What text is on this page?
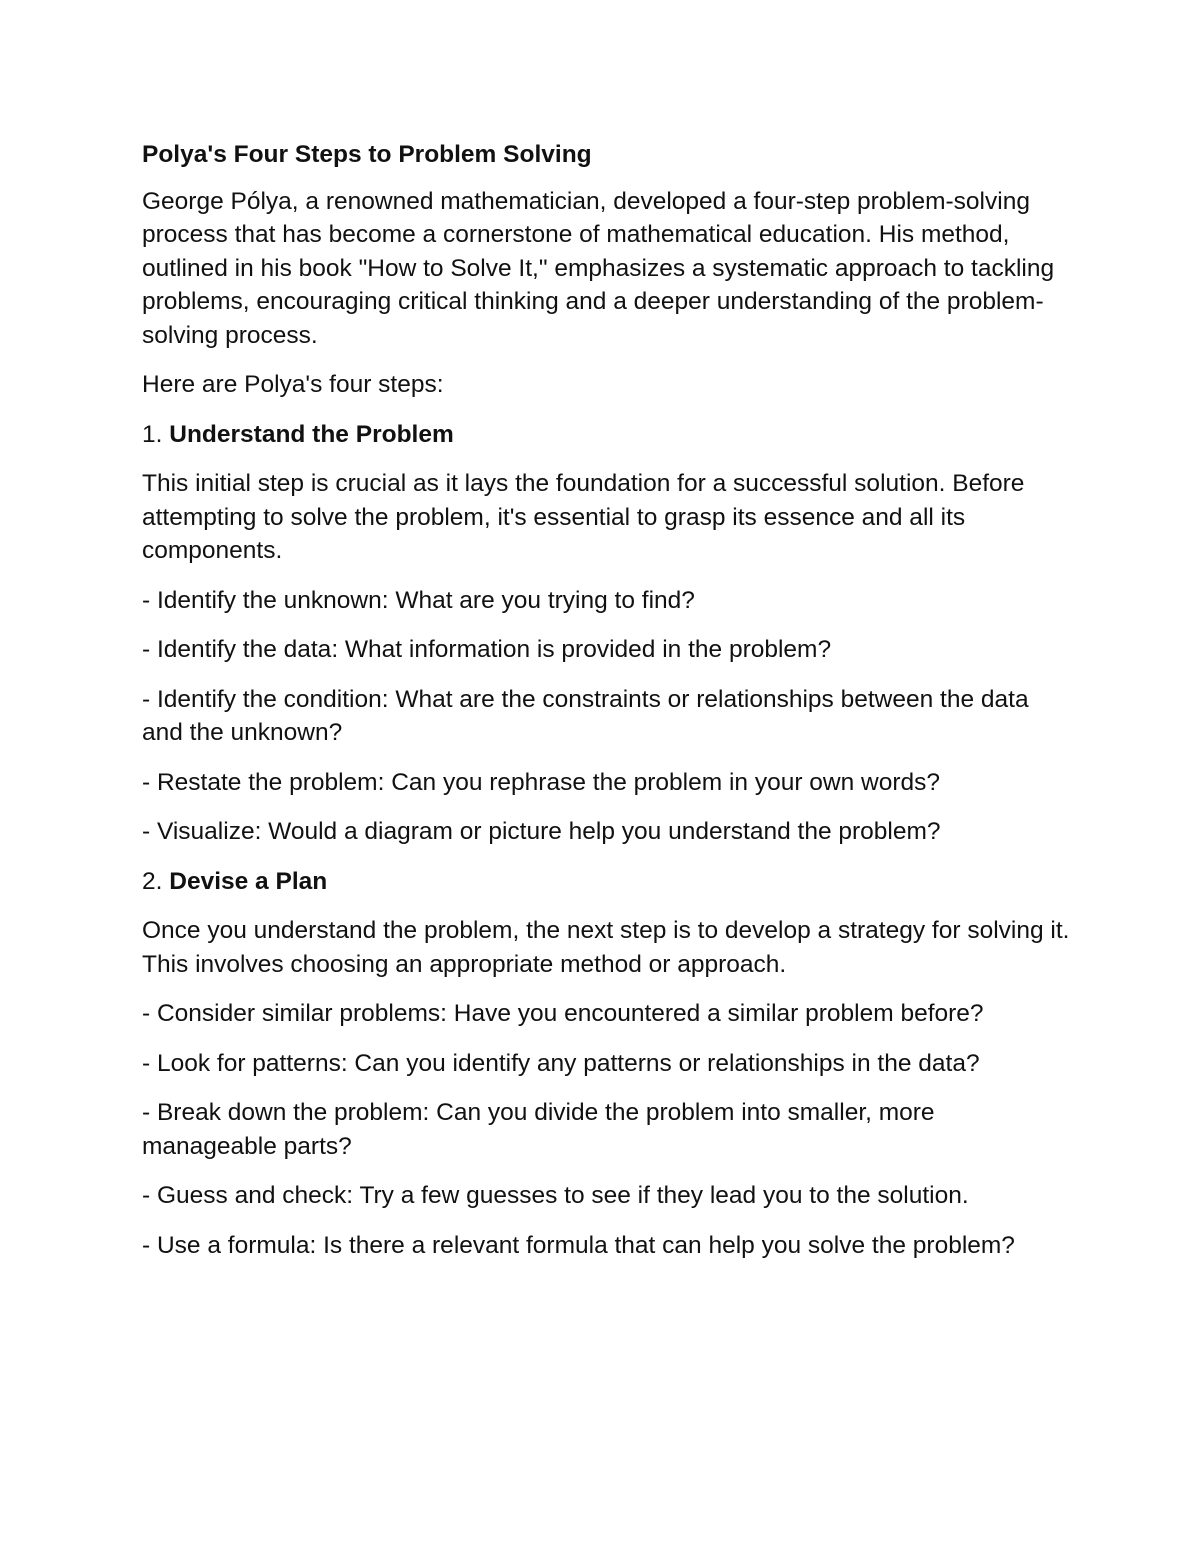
Polya's Four Steps to Problem Solving

George Pólya, a renowned mathematician, developed a four-step problem-solving process that has become a cornerstone of mathematical education. His method, outlined in his book "How to Solve It," emphasizes a systematic approach to tackling problems, encouraging critical thinking and a deeper understanding of the problem-solving process.

Here are Polya's four steps:

1. Understand the Problem

This initial step is crucial as it lays the foundation for a successful solution. Before attempting to solve the problem, it's essential to grasp its essence and all its components.

- Identify the unknown: What are you trying to find?

- Identify the data: What information is provided in the problem?

- Identify the condition: What are the constraints or relationships between the data and the unknown?

- Restate the problem: Can you rephrase the problem in your own words?

- Visualize: Would a diagram or picture help you understand the problem?

2. Devise a Plan

Once you understand the problem, the next step is to develop a strategy for solving it. This involves choosing an appropriate method or approach.

- Consider similar problems: Have you encountered a similar problem before?

- Look for patterns: Can you identify any patterns or relationships in the data?

- Break down the problem: Can you divide the problem into smaller, more manageable parts?

- Guess and check: Try a few guesses to see if they lead you to the solution.

- Use a formula: Is there a relevant formula that can help you solve the problem?
